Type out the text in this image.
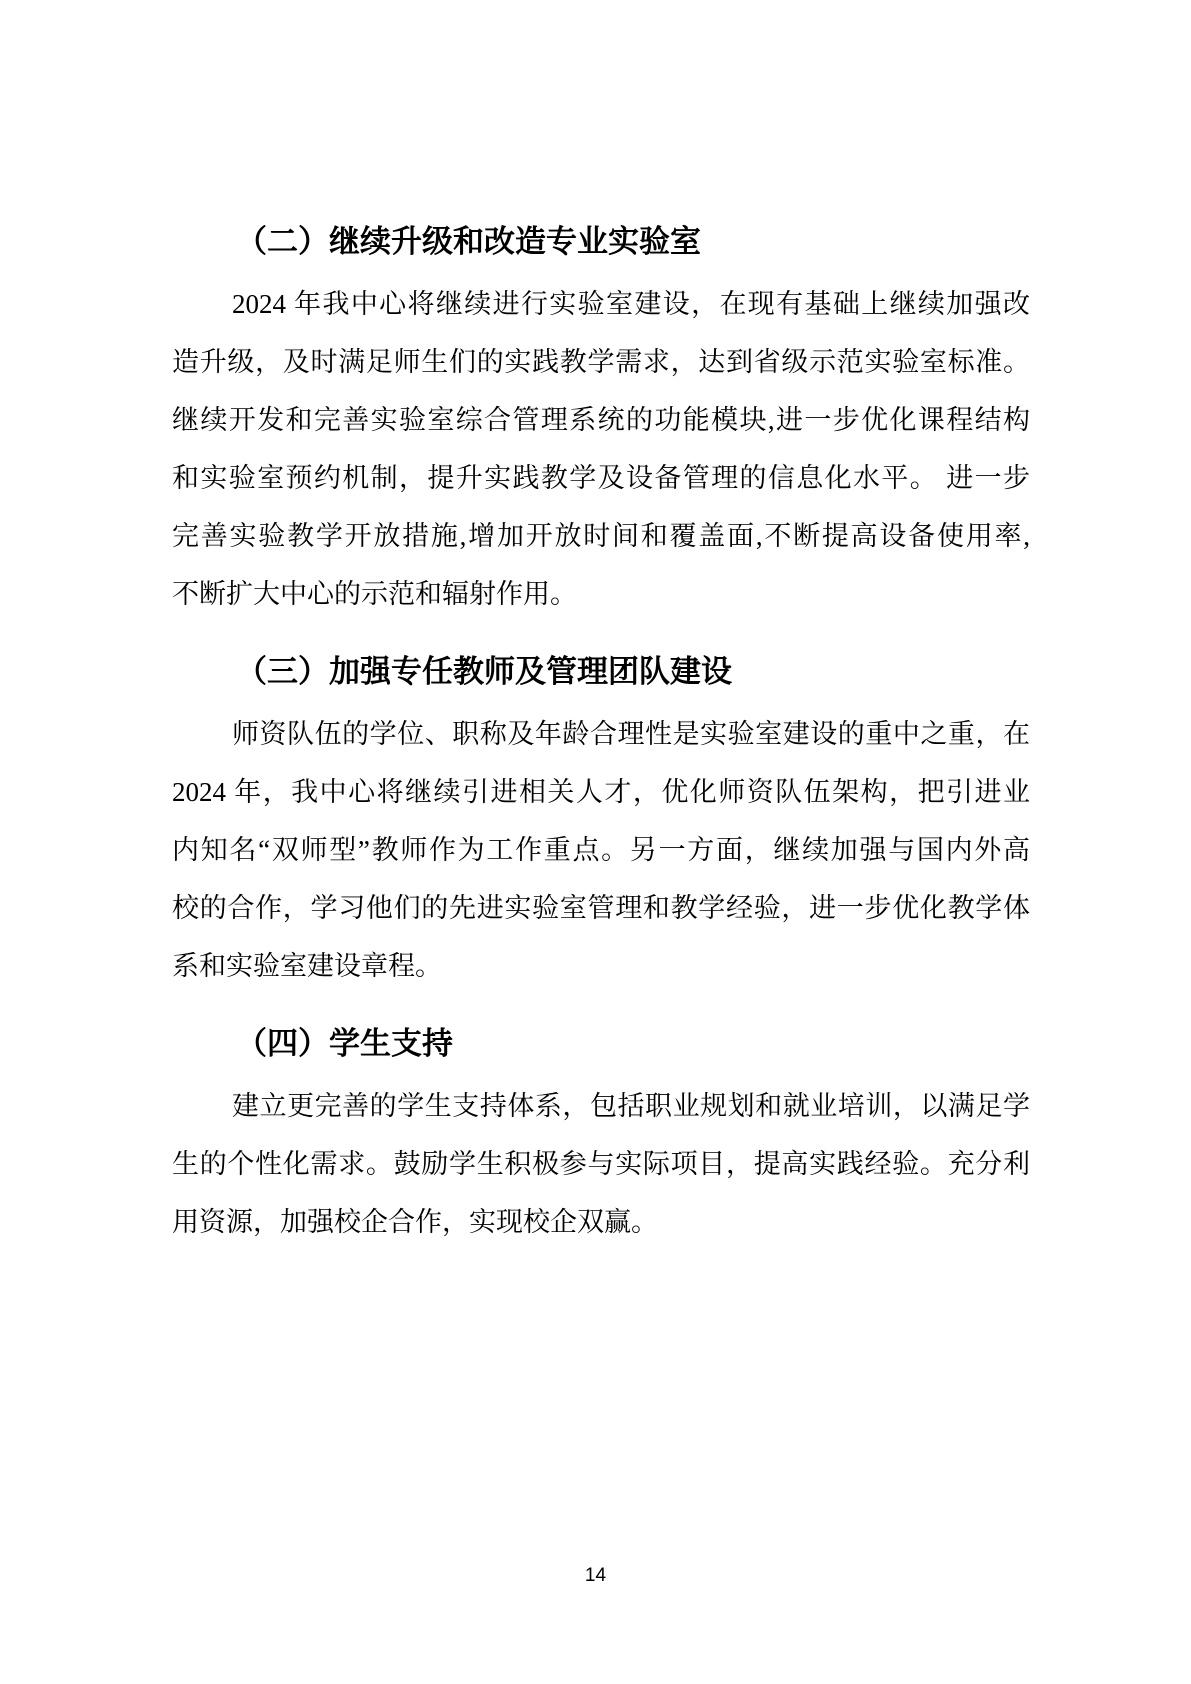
（二）继续升级和改造专业实验室
2024 年我中心将继续进行实验室建设，在现有基础上继续加强改
造升级，及时满足师生们的实践教学需求，达到省级示范实验室标准。
继续开发和完善实验室综合管理系统的功能模块,进一步优化课程结构
和实验室预约机制，提升实践教学及设备管理的信息化水平。 进一步
完善实验教学开放措施,增加开放时间和覆盖面,不断提高设备使用率,
不断扩大中心的示范和辐射作用。
（三）加强专任教师及管理团队建设
师资队伍的学位、职称及年龄合理性是实验室建设的重中之重，在
2024 年，我中心将继续引进相关人才，优化师资队伍架构，把引进业
内知名“双师型”教师作为工作重点。另一方面，继续加强与国内外高
校的合作，学习他们的先进实验室管理和教学经验，进一步优化教学体
系和实验室建设章程。
（四）学生支持
建立更完善的学生支持体系，包括职业规划和就业培训，以满足学
生的个性化需求。鼓励学生积极参与实际项目，提高实践经验。充分利
用资源，加强校企合作，实现校企双赢。
14
